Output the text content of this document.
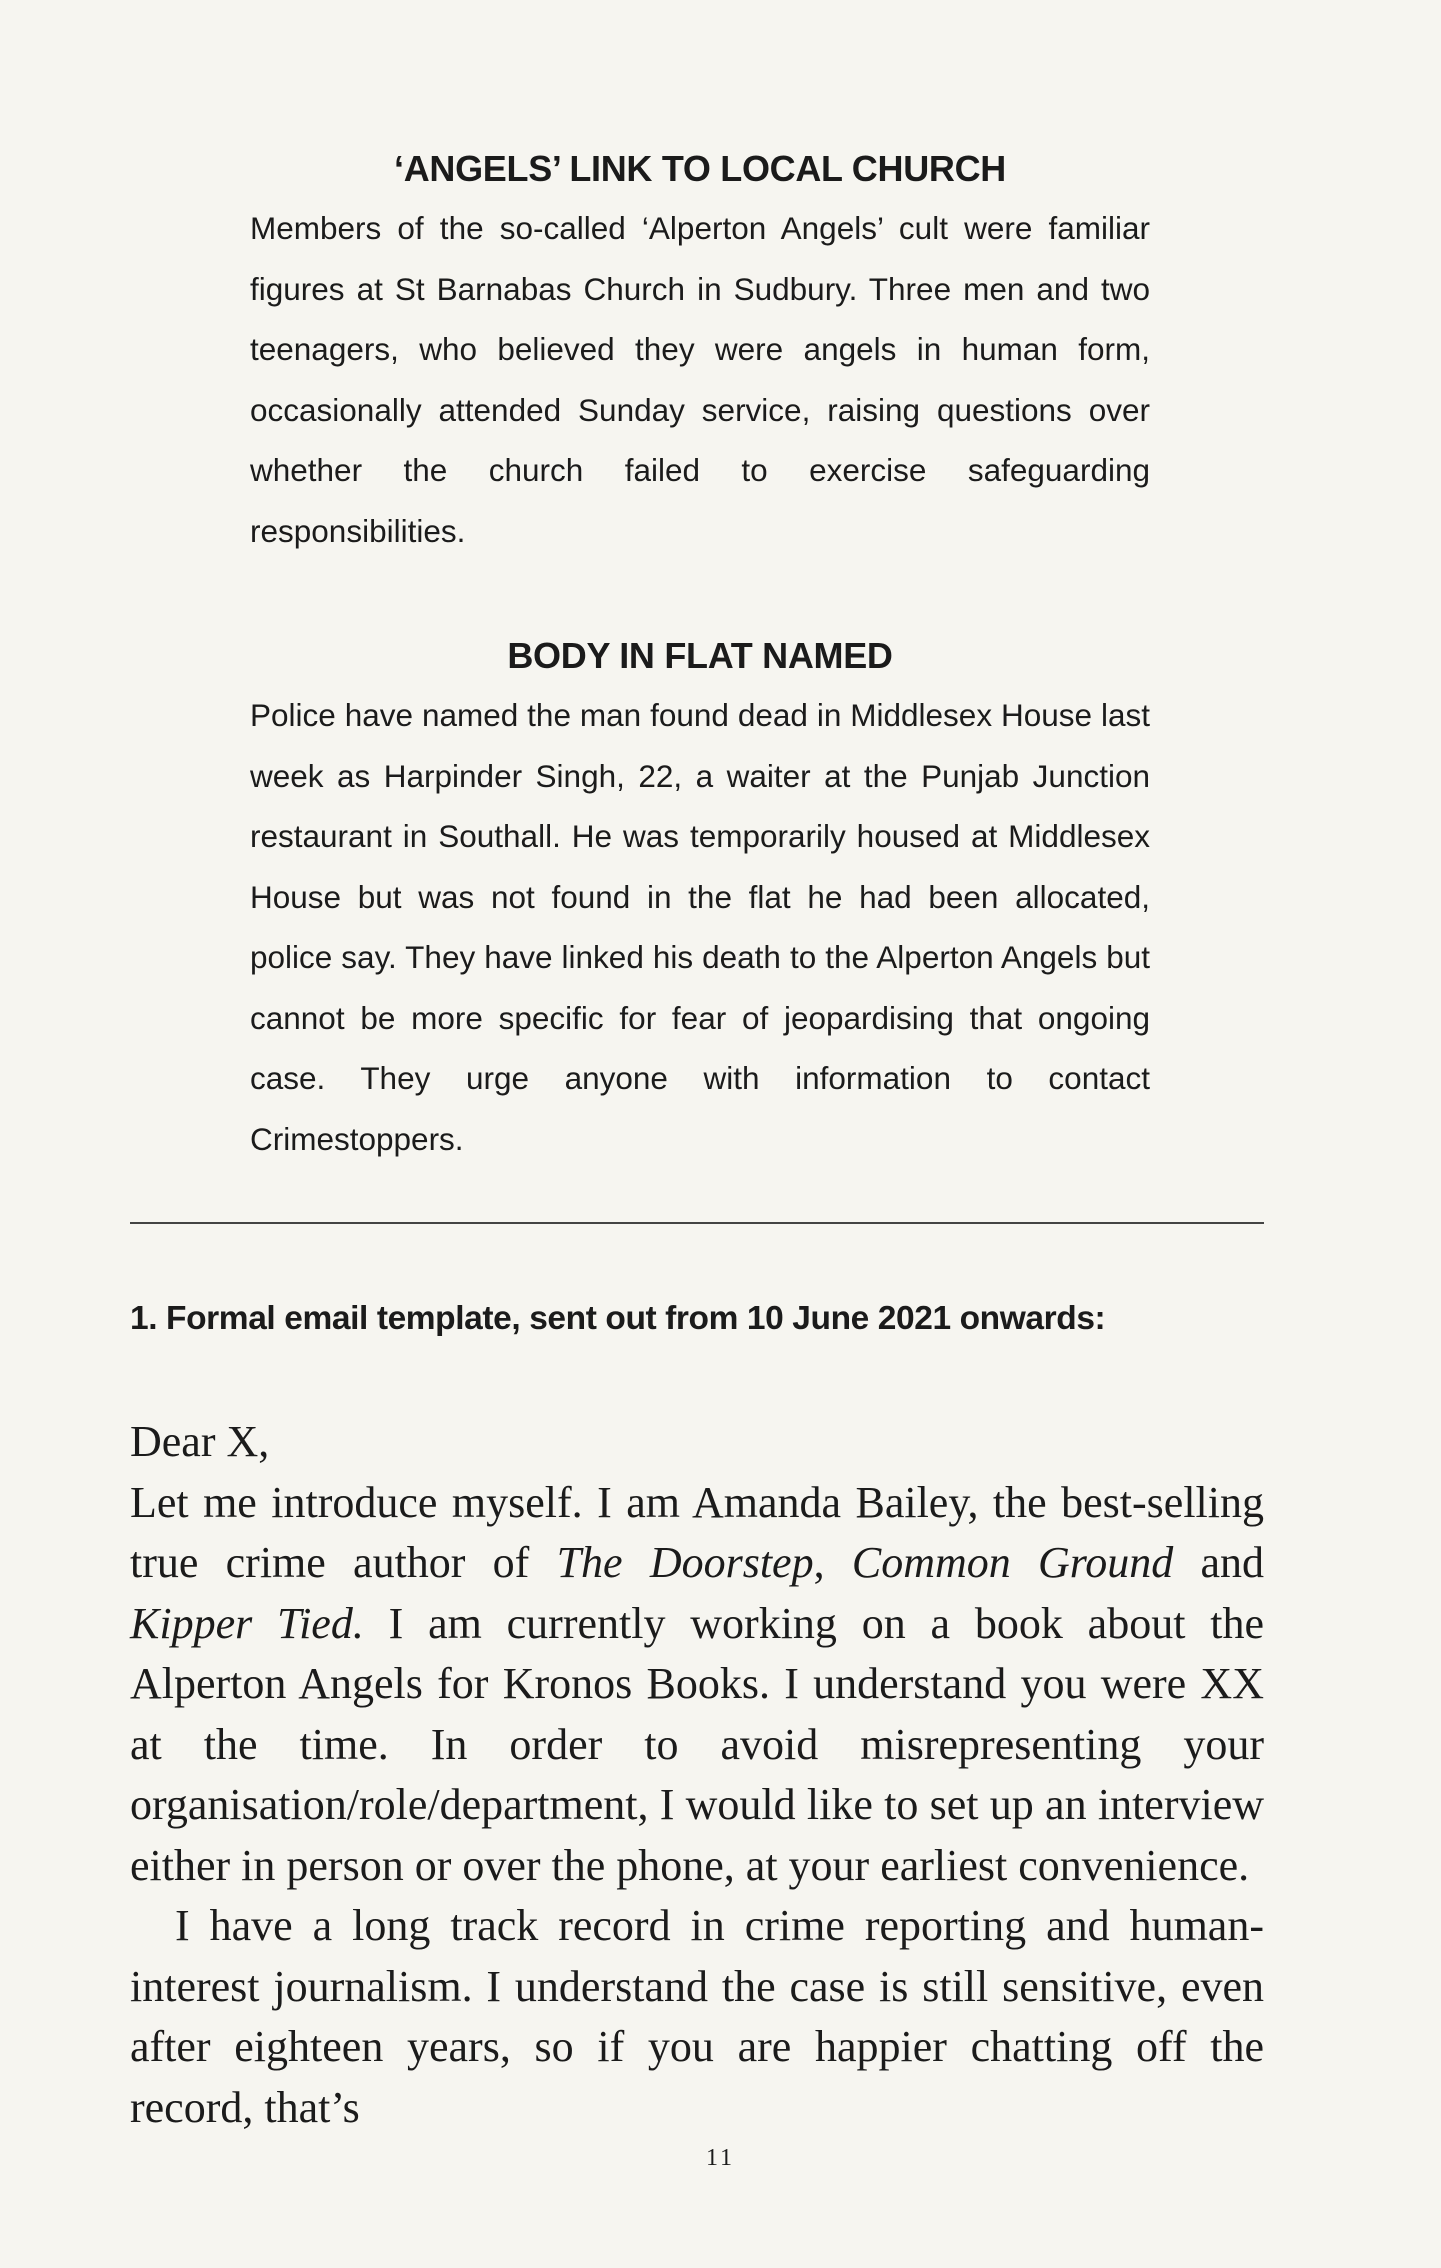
‘ANGELS’ LINK TO LOCAL CHURCH

Members of the so-called ‘Alperton Angels’ cult were familiar figures at St Barnabas Church in Sudbury. Three men and two teenagers, who believed they were angels in human form, occasionally attended Sunday service, raising questions over whether the church failed to exercise safeguarding responsibilities.

BODY IN FLAT NAMED

Police have named the man found dead in Middlesex House last week as Harpinder Singh, 22, a waiter at the Punjab Junction restaurant in Southall. He was temporarily housed at Middlesex House but was not found in the flat he had been allocated, police say. They have linked his death to the Alperton Angels but cannot be more specific for fear of jeopardising that ongoing case. They urge anyone with information to contact Crimestoppers.

1. Formal email template, sent out from 10 June 2021 onwards:

Dear X,

Let me introduce myself. I am Amanda Bailey, the best-selling true crime author of The Doorstep, Common Ground and Kipper Tied. I am currently working on a book about the Alperton Angels for Kronos Books. I understand you were XX at the time. In order to avoid misrepresenting your organisation/role/department, I would like to set up an interview either in person or over the phone, at your earliest convenience.

I have a long track record in crime reporting and human-interest journalism. I understand the case is still sensitive, even after eighteen years, so if you are happier chatting off the record, that’s

11
